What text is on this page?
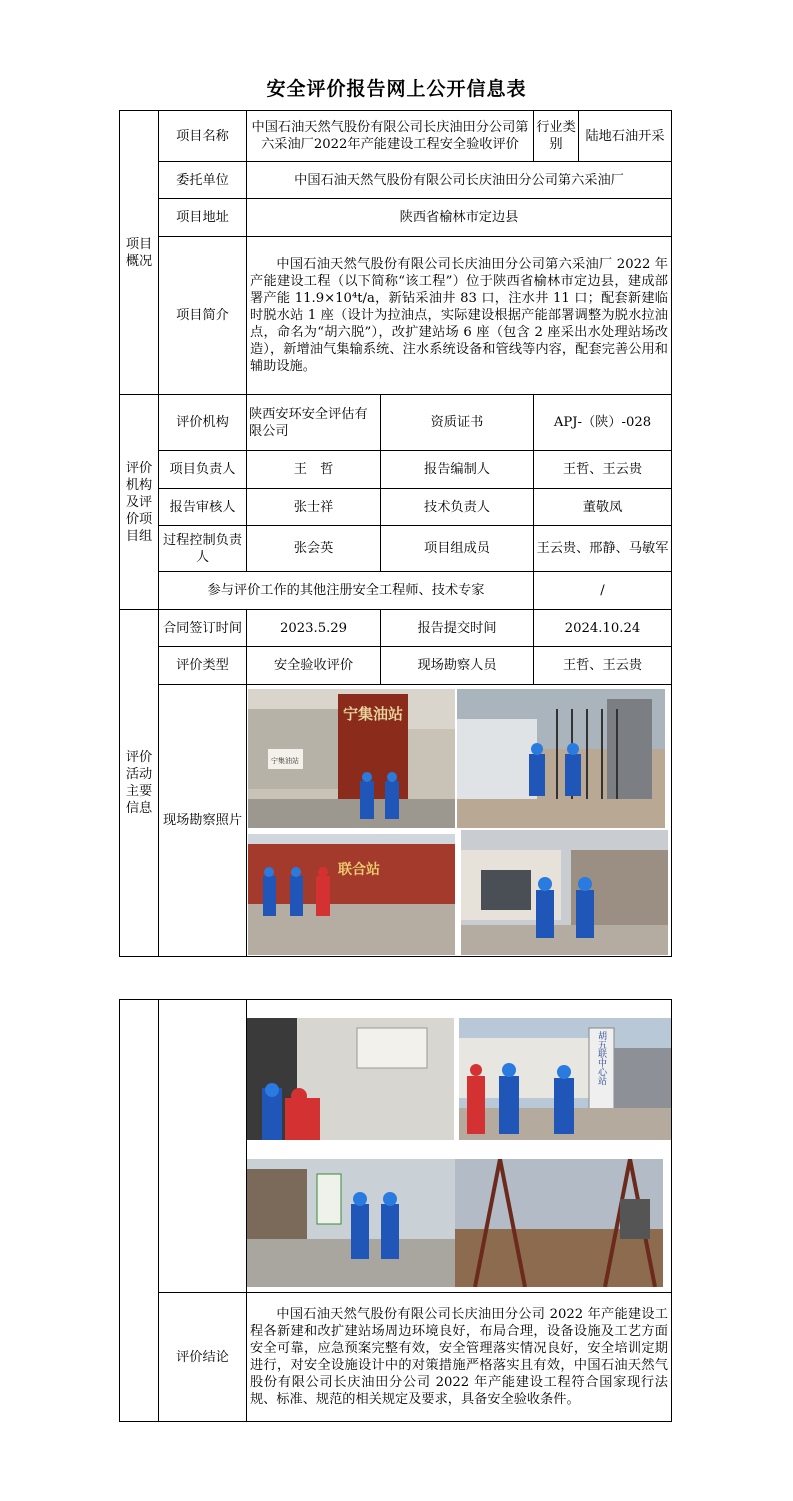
安全评价报告网上公开信息表
项目概况	项目名称	中国石油天然气股份有限公司长庆油田分公司第六采油厂2022年产能建设工程安全验收评价		行业类别	陆地石油开采
	委托单位	中国石油天然气股份有限公司长庆油田分公司第六采油厂			
	项目地址	陕西省榆林市定边县			
	项目简介	中国石油天然气股份有限公司长庆油田分公司第六采油厂 2022 年产能建设工程（以下简称“该工程”）位于陕西省榆林市定边县，建成部署产能 11.9×10⁴t/a，新钻采油井 83 口，注水井 11 口；配套新建临时脱水站 1 座（设计为拉油点，实际建设根据产能部署调整为脱水拉油点，命名为“胡六脱”），改扩建站场 6 座（包含 2 座采出水处理站场改造），新增油气集输系统、注水系统设备和管线等内容，配套完善公用和辅助设施。			
评价机构及评价项目组	评价机构	陕西安环安全评估有限公司	资质证书	APJ-（陕）-028	
	项目负责人	王　哲	报告编制人	王哲、王云贵	
	报告审核人	张士祥	技术负责人	董敬凤	
	过程控制负责人	张会英	项目组成员	王云贵、邢静、马敏军	
	参与评价工作的其他注册安全工程师、技术专家			/	
评价活动主要信息	合同签订时间	2023.5.29	报告提交时间	2024.10.24	
	评价类型	安全验收评价	现场勘察人员	王哲、王云贵	
	现场勘察照片	宁集油站
宁集油站
联合站			

胡五联中心站

	评价结论	中国石油天然气股份有限公司长庆油田分公司 2022 年产能建设工程各新建和改扩建站场周边环境良好，布局合理，设备设施及工艺方面安全可靠，应急预案完整有效，安全管理落实情况良好，安全培训定期进行，对安全设施设计中的对策措施严格落实且有效，中国石油天然气股份有限公司长庆油田分公司 2022 年产能建设工程符合国家现行法规、标准、规范的相关规定及要求，具备安全验收条件。
